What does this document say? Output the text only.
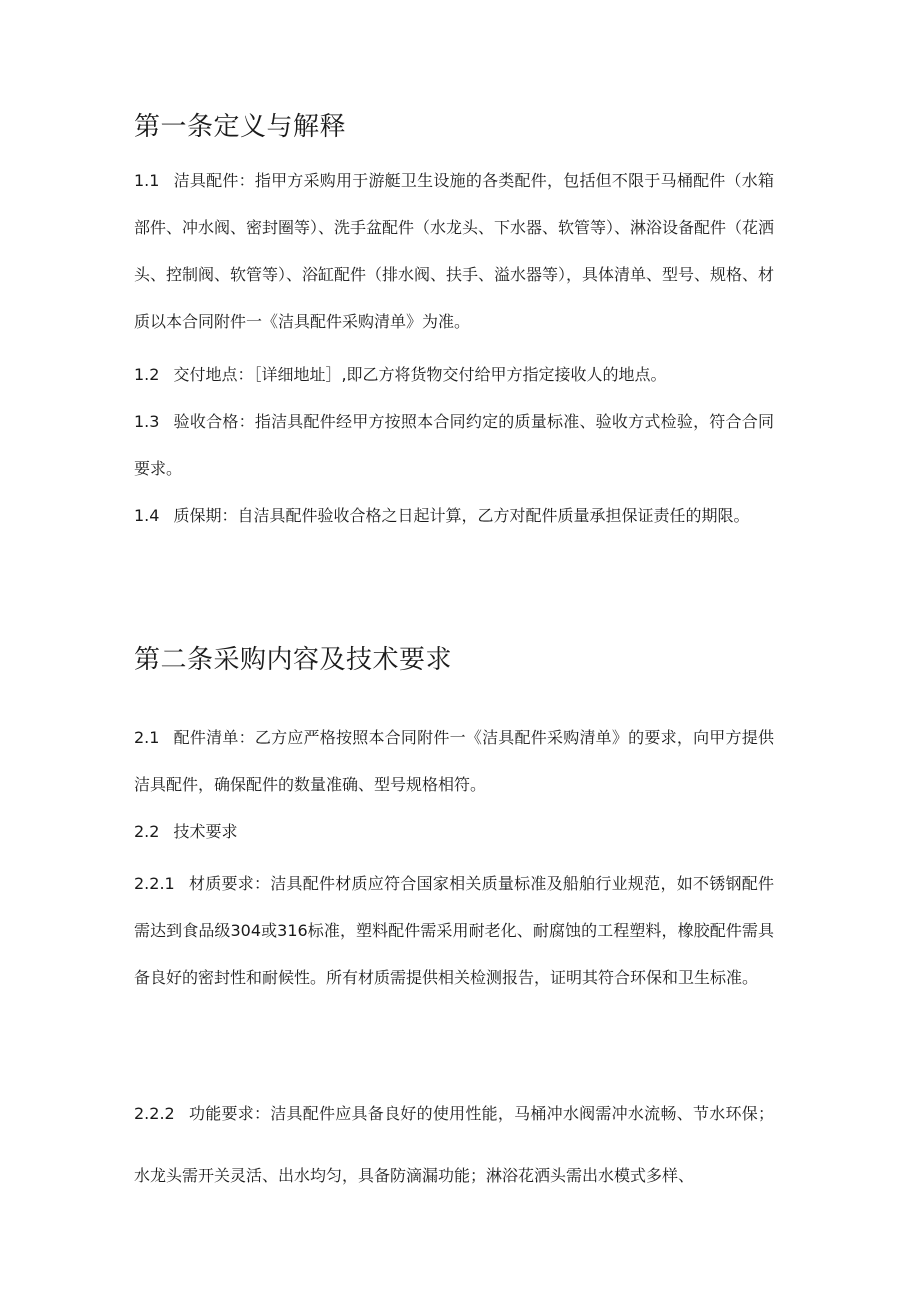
第一条定义与解释
1.1 洁具配件：指甲方采购用于游艇卫生设施的各类配件，包括但不限于马桶配件（水箱部件、冲水阀、密封圈等）、洗手盆配件（水龙头、下水器、软管等）、淋浴设备配件（花洒头、控制阀、软管等）、浴缸配件（排水阀、扶手、溢水器等），具体清单、型号、规格、材质以本合同附件一《洁具配件采购清单》为准。
1.2 交付地点：［详细地址］,即乙方将货物交付给甲方指定接收人的地点。
1.3 验收合格：指洁具配件经甲方按照本合同约定的质量标准、验收方式检验，符合合同要求。
1.4 质保期：自洁具配件验收合格之日起计算，乙方对配件质量承担保证责任的期限。
第二条采购内容及技术要求
2.1 配件清单：乙方应严格按照本合同附件一《洁具配件采购清单》的要求，向甲方提供洁具配件，确保配件的数量准确、型号规格相符。
2.2 技术要求
2.2.1 材质要求：洁具配件材质应符合国家相关质量标准及船舶行业规范，如不锈钢配件需达到食品级304或316标准，塑料配件需采用耐老化、耐腐蚀的工程塑料，橡胶配件需具备良好的密封性和耐候性。所有材质需提供相关检测报告，证明其符合环保和卫生标准。
2.2.2 功能要求：洁具配件应具备良好的使用性能，马桶冲水阀需冲水流畅、节水环保；水龙头需开关灵活、出水均匀，具备防滴漏功能；淋浴花洒头需出水模式多样、
